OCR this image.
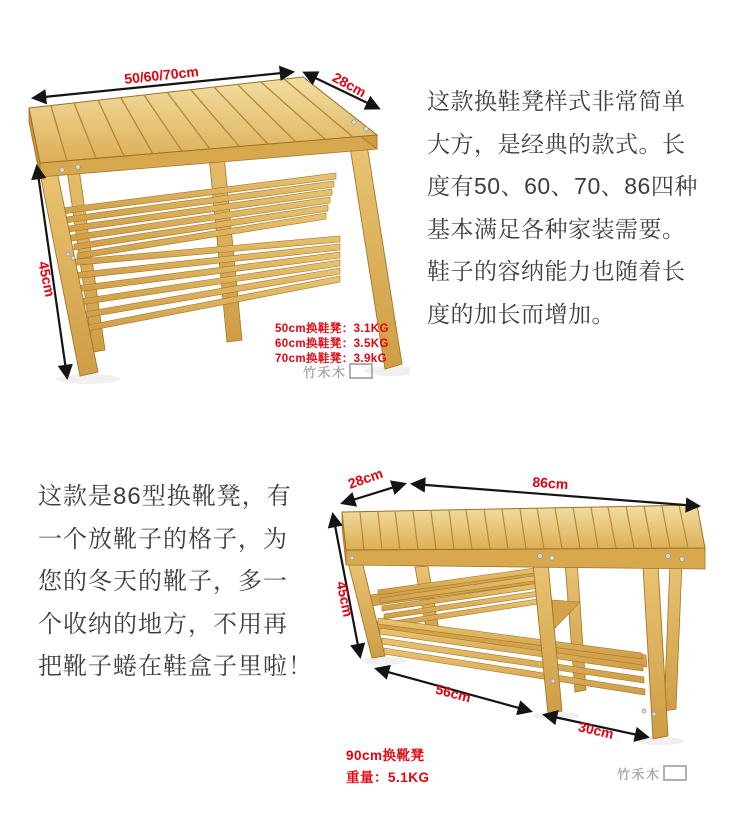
50/60/70cm	28cm
45cm
50cm换鞋凳：3.1KG
60cm换鞋凳：3.5KG
70cm换鞋凳：3.9kG
竹禾木
这款换鞋凳样式非常简单
大方，是经典的款式。长
度有50、60、70、86四种
基本满足各种家装需要。
鞋子的容纳能力也随着长
度的加长而增加。
这款是86型换靴凳，有
一个放靴子的格子，为
您的冬天的靴子，多一
个收纳的地方，不用再
把靴子蜷在鞋盒子里啦！
28cm	86cm
45cm
56cm
30cm
90cm换靴凳
重量：5.1KG	竹禾木
